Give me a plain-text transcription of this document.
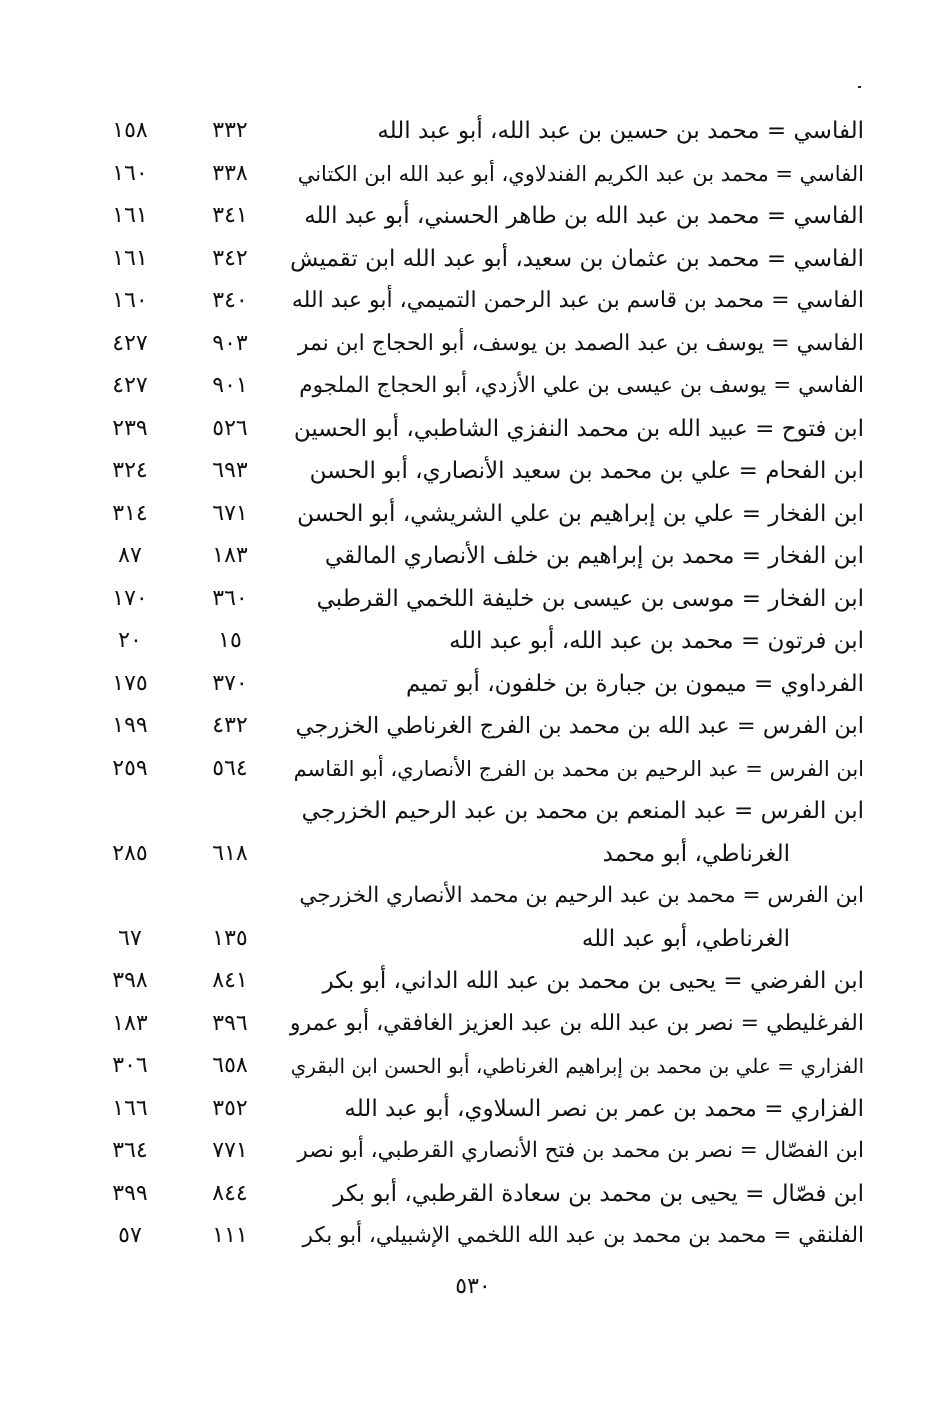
الفاسي = محمد بن حسين بن عبد الله، أبو عبد الله
٣٣٢
١٥٨
الفاسي = محمد بن عبد الكريم الفندلاوي، أبو عبد الله ابن الكتاني
٣٣٨
١٦٠
الفاسي = محمد بن عبد الله بن طاهر الحسني، أبو عبد الله
٣٤١
١٦١
الفاسي = محمد بن عثمان بن سعيد، أبو عبد الله ابن تقميش
٣٤٢
١٦١
الفاسي = محمد بن قاسم بن عبد الرحمن التميمي، أبو عبد الله
٣٤٠
١٦٠
الفاسي = يوسف بن عبد الصمد بن يوسف، أبو الحجاج ابن نمر
٩٠٣
٤٢٧
الفاسي = يوسف بن عيسى بن علي الأزدي، أبو الحجاج الملجوم
٩٠١
٤٢٧
ابن فتوح = عبيد الله بن محمد النفزي الشاطبي، أبو الحسين
٥٢٦
٢٣٩
ابن الفحام = علي بن محمد بن سعيد الأنصاري، أبو الحسن
٦٩٣
٣٢٤
ابن الفخار = علي بن إبراهيم بن علي الشريشي، أبو الحسن
٦٧١
٣١٤
ابن الفخار = محمد بن إبراهيم بن خلف الأنصاري المالقي
١٨٣
٨٧
ابن الفخار = موسى بن عيسى بن خليفة اللخمي القرطبي
٣٦٠
١٧٠
ابن فرتون = محمد بن عبد الله، أبو عبد الله
١٥
٢٠
الفرداوي = ميمون بن جبارة بن خلفون، أبو تميم
٣٧٠
١٧٥
ابن الفرس = عبد الله بن محمد بن الفرج الغرناطي الخزرجي
٤٣٢
١٩٩
ابن الفرس = عبد الرحيم بن محمد بن الفرج الأنصاري، أبو القاسم
٥٦٤
٢٥٩
ابن الفرس = عبد المنعم بن محمد بن عبد الرحيم الخزرجي
الغرناطي، أبو محمد
٦١٨
٢٨٥
ابن الفرس = محمد بن عبد الرحيم بن محمد الأنصاري الخزرجي
الغرناطي، أبو عبد الله
١٣٥
٦٧
ابن الفرضي = يحيى بن محمد بن عبد الله الداني، أبو بكر
٨٤١
٣٩٨
الفرغليطي = نصر بن عبد الله بن عبد العزيز الغافقي، أبو عمرو
٣٩٦
١٨٣
الفزاري = علي بن محمد بن إبراهيم الغرناطي، أبو الحسن ابن البقري
٦٥٨
٣٠٦
الفزاري = محمد بن عمر بن نصر السلاوي، أبو عبد الله
٣٥٢
١٦٦
ابن الفصّال = نصر بن محمد بن فتح الأنصاري القرطبي، أبو نصر
٧٧١
٣٦٤
ابن فصّال = يحيى بن محمد بن سعادة القرطبي، أبو بكر
٨٤٤
٣٩٩
الفلنقي = محمد بن محمد بن عبد الله اللخمي الإشبيلي، أبو بكر
١١١
٥٧
٥٣٠
